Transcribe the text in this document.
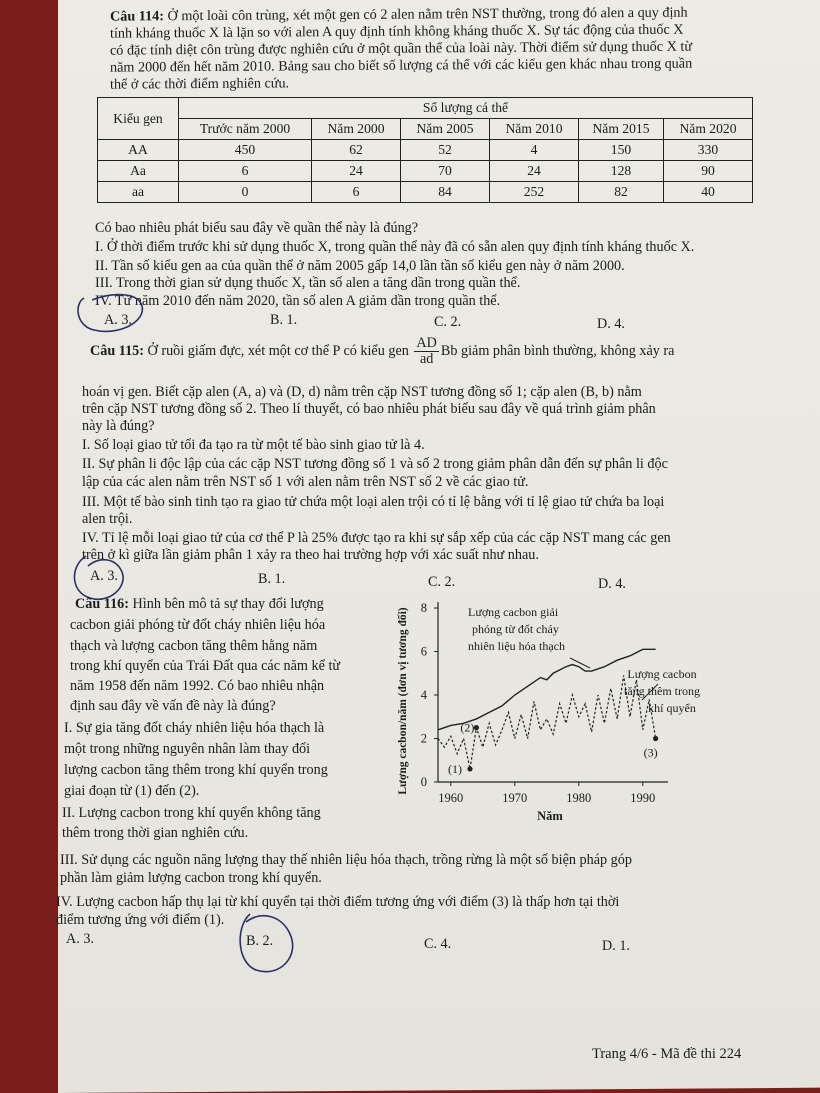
Câu 114: Ở một loài côn trùng, xét một gen có 2 alen nằm trên NST thường, trong đó alen a quy định
tính kháng thuốc X là lặn so với alen A quy định tính không kháng thuốc X. Sự tác động của thuốc X
có đặc tính diệt côn trùng được nghiên cứu ở một quần thể của loài này. Thời điểm sử dụng thuốc X từ
năm 2000 đến hết năm 2010. Bảng sau cho biết số lượng cá thể với các kiểu gen khác nhau trong quần
thể ở các thời điểm nghiên cứu.
Kiểu gen	Số lượng cá thể					
	Trước năm 2000	Năm 2000	Năm 2005	Năm 2010	Năm 2015	Năm 2020
AA	450	62	52	4	150	330
Aa	6	24	70	24	128	90
aa	0	6	84	252	82	40
Có bao nhiêu phát biểu sau đây về quần thể này là đúng?
I. Ở thời điểm trước khi sử dụng thuốc X, trong quần thể này đã có sẵn alen quy định tính kháng thuốc X.
II. Tần số kiểu gen aa của quần thể ở năm 2005 gấp 14,0 lần tần số kiểu gen này ở năm 2000.
III. Trong thời gian sử dụng thuốc X, tần số alen a tăng dần trong quần thể.
IV. Từ năm 2010 đến năm 2020, tần số alen A giảm dần trong quần thể.
A. 3.	B. 1.	C. 2.	D. 4.
Câu 115: Ở ruồi giấm đực, xét một cơ thể P có kiểu gen $\frac{AD}{ad}$ Bb giảm phân bình thường, không xảy ra
hoán vị gen. Biết cặp alen (A, a) và (D, d) nằm trên cặp NST tương đồng số 1; cặp alen (B, b) nằm
trên cặp NST tương đồng số 2. Theo lí thuyết, có bao nhiêu phát biểu sau đây về quá trình giảm phân
này là đúng?
I. Số loại giao tử tối đa tạo ra từ một tế bào sinh giao tử là 4.
II. Sự phân li độc lập của các cặp NST tương đồng số 1 và số 2 trong giảm phân dẫn đến sự phân li độc
lập của các alen nằm trên NST số 1 với alen nằm trên NST số 2 về các giao tử.
III. Một tế bào sinh tinh tạo ra giao tử chứa một loại alen trội có tỉ lệ bằng với tỉ lệ giao tử chứa ba loại
alen trội.
IV. Tỉ lệ mỗi loại giao tử của cơ thể P là 25% được tạo ra khi sự sắp xếp của các cặp NST mang các gen
trên ở kì giữa lần giảm phân 1 xảy ra theo hai trường hợp với xác suất như nhau.
A. 3.	B. 1.	C. 2.	D. 4.
Câu 116: Hình bên mô tả sự thay đổi lượng
cacbon giải phóng từ đốt cháy nhiên liệu hóa
thạch và lượng cacbon tăng thêm hằng năm
trong khí quyển của Trái Đất qua các năm kể từ
năm 1958 đến năm 1992. Có bao nhiêu nhận
định sau đây về vấn đề này là đúng?
I. Sự gia tăng đốt cháy nhiên liệu hóa thạch là
một trong những nguyên nhân làm thay đổi
lượng cacbon tăng thêm trong khí quyển trong
giai đoạn từ (1) đến (2).
II. Lượng cacbon trong khí quyển không tăng
thêm trong thời gian nghiên cứu.
0
2
4
6
8
1960	1970	1980	1990
Năm
Lượng cacbon/năm (đơn vị tương đối)	(1)
(2)
(3)
Lượng cacbon giải phóng từ đốt cháy nhiên liệu hóa thạch
Lượng cacbon tăng thêm trong khí quyển
III. Sử dụng các nguồn năng lượng thay thế nhiên liệu hóa thạch, trồng rừng là một số biện pháp góp
phần làm giảm lượng cacbon trong khí quyển.
IV. Lượng cacbon hấp thụ lại từ khí quyển tại thời điểm tương ứng với điểm (3) là thấp hơn tại thời
điểm tương ứng với điểm (1).
A. 3.	B. 2.	C. 4.	D. 1.
Trang 4/6 - Mã đề thi 224
